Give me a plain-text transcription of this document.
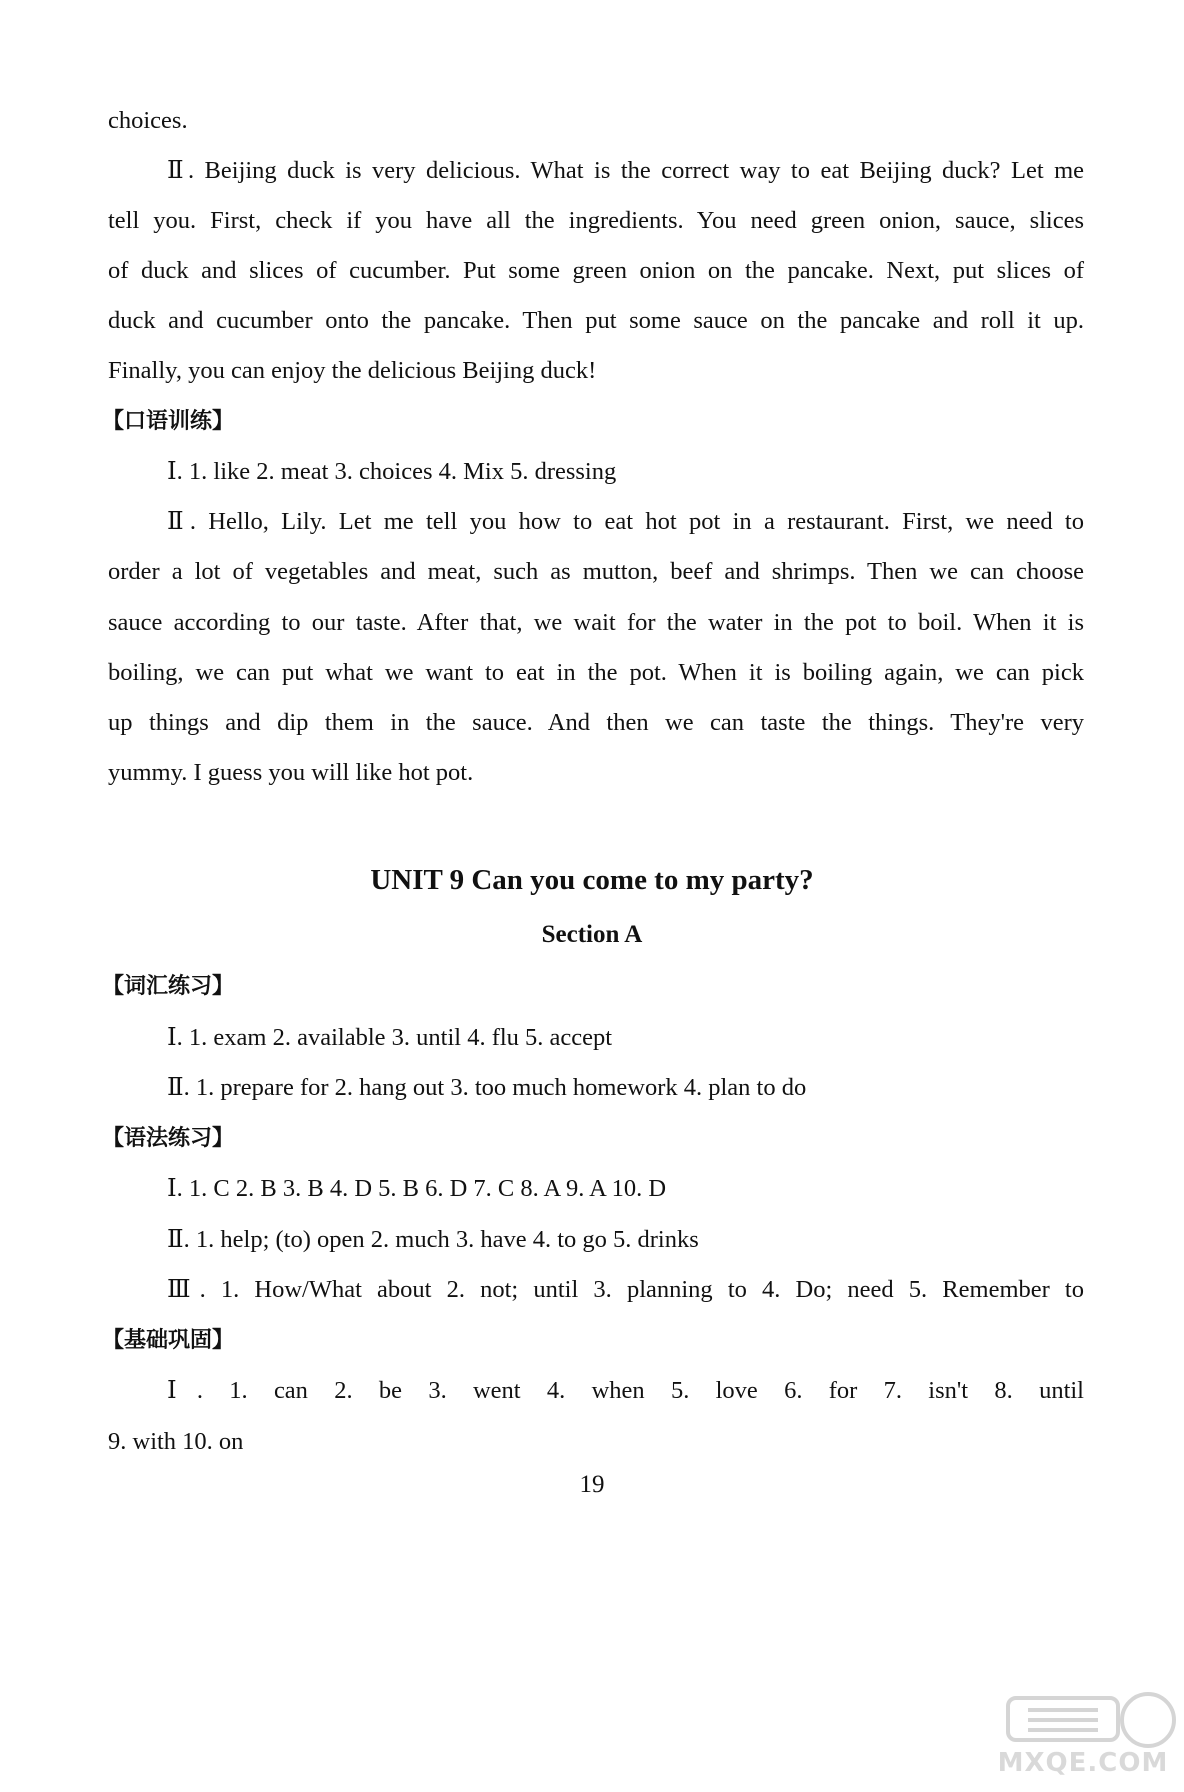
choices.
Ⅱ. Beijing duck is very delicious. What is the correct way to eat Beijing duck? Let me
tell you. First, check if you have all the ingredients. You need green onion, sauce, slices
of duck and slices of cucumber. Put some green onion on the pancake. Next, put slices of
duck and cucumber onto the pancake. Then put some sauce on the pancake and roll it up.
Finally, you can enjoy the delicious Beijing duck!
【口语训练】
Ⅰ. 1. like 2. meat 3. choices 4. Mix 5. dressing
Ⅱ. Hello, Lily. Let me tell you how to eat hot pot in a restaurant. First, we need to
order a lot of vegetables and meat, such as mutton, beef and shrimps. Then we can choose
sauce according to our taste. After that, we wait for the water in the pot to boil. When it is
boiling, we can put what we want to eat in the pot. When it is boiling again, we can pick
up things and dip them in the sauce. And then we can taste the things. They're very
yummy. I guess you will like hot pot.
UNIT 9 Can you come to my party?
Section A
【词汇练习】
Ⅰ. 1. exam 2. available 3. until 4. flu 5. accept
Ⅱ. 1. prepare for 2. hang out 3. too much homework 4. plan to do
【语法练习】
Ⅰ. 1. C 2. B 3. B 4. D 5. B 6. D 7. C 8. A 9. A 10. D
Ⅱ. 1. help; (to) open 2. much 3. have 4. to go 5. drinks
Ⅲ. 1. How/What about 2. not; until 3. planning to 4. Do; need 5. Remember to
【基础巩固】
Ⅰ. 1. can 2. be 3. went 4. when 5. love 6. for 7. isn't 8. until
9. with 10. on
19
MXQE.COM
